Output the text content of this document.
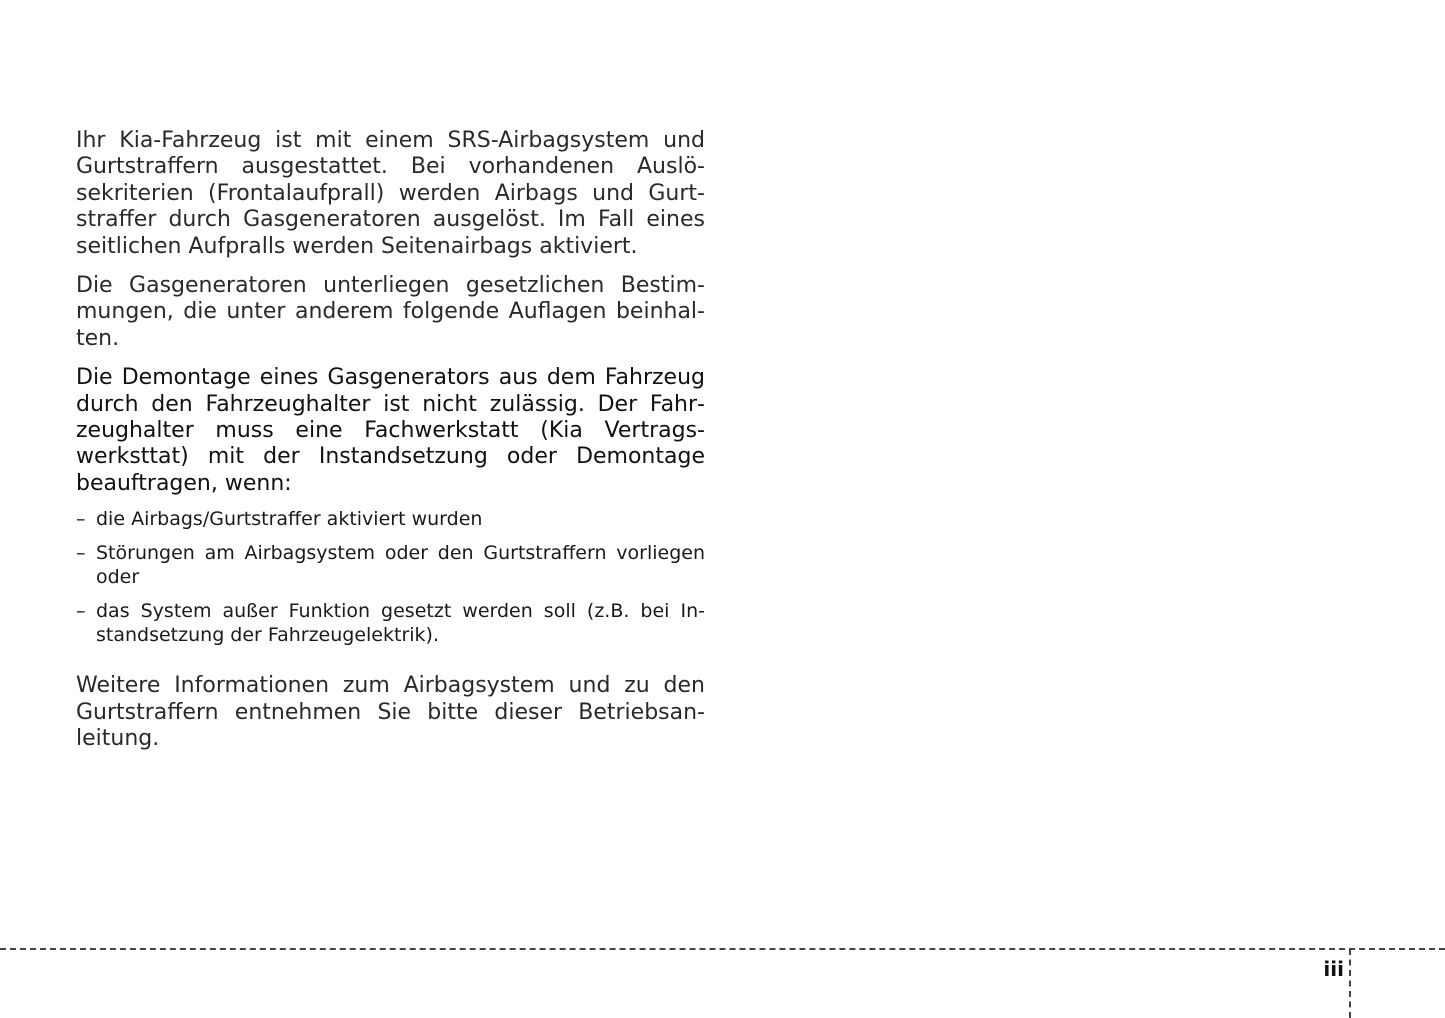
Ihr Kia-Fahrzeug ist mit einem SRS-Airbagsystem und Gurtstraffern ausgestattet. Bei vorhandenen Auslösekriterien (Frontalaufprall) werden Airbags und Gurtstraffer durch Gasgeneratoren ausgelöst. Im Fall eines seitlichen Aufpralls werden Seitenairbags aktiviert.

Die Gasgeneratoren unterliegen gesetzlichen Bestimmungen, die unter anderem folgende Auflagen beinhalten.

Die Demontage eines Gasgenerators aus dem Fahrzeug durch den Fahrzeughalter ist nicht zulässig. Der Fahrzeughalter muss eine Fachwerkstatt (Kia Vertragswerksttat) mit der Instandsetzung oder Demontage beauftragen, wenn:

– die Airbags/Gurtstraffer aktiviert wurden
– Störungen am Airbagsystem oder den Gurtstraffern vorliegen oder
– das System außer Funktion gesetzt werden soll (z.B. bei Instandsetzung der Fahrzeugelektrik).

Weitere Informationen zum Airbagsystem und zu den Gurtstraffern entnehmen Sie bitte dieser Betriebsanleitung.

iii
